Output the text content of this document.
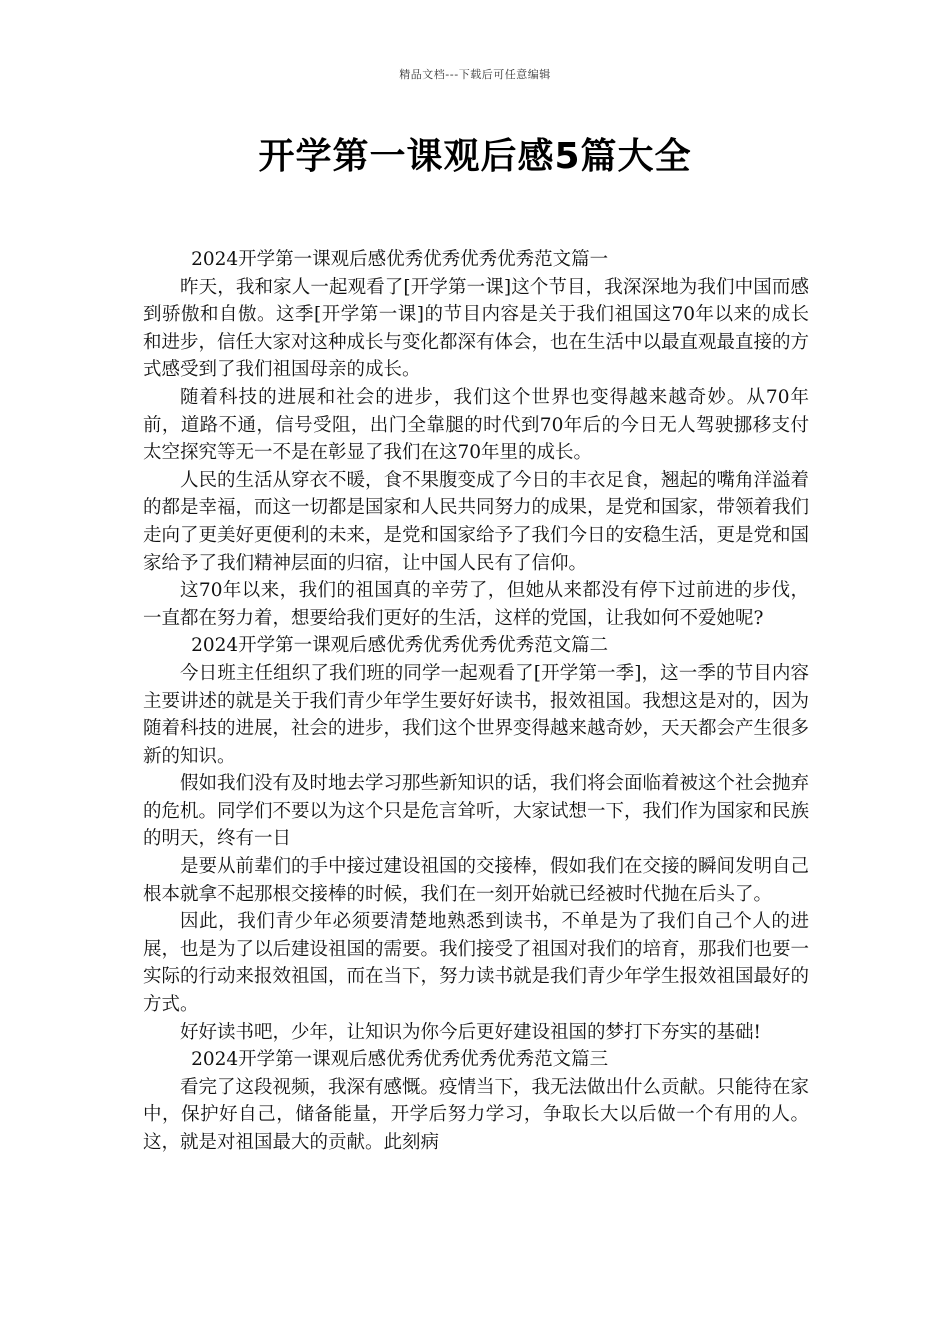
精品文档---下载后可任意编辑
开学第一课观后感5篇大全

2024开学第一课观后感优秀优秀优秀优秀范文篇一

昨天，我和家人一起观看了[开学第一课]这个节目，我深深地为我们中国而感到骄傲和自傲。这季[开学第一课]的节目内容是关于我们祖国这70年以来的成长和进步，信任大家对这种成长与变化都深有体会，也在生活中以最直观最直接的方式感受到了我们祖国母亲的成长。

随着科技的进展和社会的进步，我们这个世界也变得越来越奇妙。从70年前，道路不通，信号受阻，出门全靠腿的时代到70年后的今日无人驾驶挪移支付太空探究等无一不是在彰显了我们在这70年里的成长。

人民的生活从穿衣不暖，食不果腹变成了今日的丰衣足食，翘起的嘴角洋溢着的都是幸福，而这一切都是国家和人民共同努力的成果，是党和国家，带领着我们走向了更美好更便利的未来，是党和国家给予了我们今日的安稳生活，更是党和国家给予了我们精神层面的归宿，让中国人民有了信仰。

这70年以来，我们的祖国真的辛劳了，但她从来都没有停下过前进的步伐，一直都在努力着，想要给我们更好的生活，这样的党国，让我如何不爱她呢?

2024开学第一课观后感优秀优秀优秀优秀范文篇二

今日班主任组织了我们班的同学一起观看了[开学第一季]，这一季的节目内容主要讲述的就是关于我们青少年学生要好好读书，报效祖国。我想这是对的，因为随着科技的进展，社会的进步，我们这个世界变得越来越奇妙，天天都会产生很多新的知识。

假如我们没有及时地去学习那些新知识的话，我们将会面临着被这个社会抛弃的危机。同学们不要以为这个只是危言耸听，大家试想一下，我们作为国家和民族的明天，终有一日

是要从前辈们的手中接过建设祖国的交接棒，假如我们在交接的瞬间发明自己根本就拿不起那根交接棒的时候，我们在一刻开始就已经被时代抛在后头了。

因此，我们青少年必须要清楚地熟悉到读书，不单是为了我们自己个人的进展，也是为了以后建设祖国的需要。我们接受了祖国对我们的培育，那我们也要一实际的行动来报效祖国，而在当下，努力读书就是我们青少年学生报效祖国最好的方式。

好好读书吧，少年，让知识为你今后更好建设祖国的梦打下夯实的基础!

2024开学第一课观后感优秀优秀优秀优秀范文篇三

看完了这段视频，我深有感慨。疫情当下，我无法做出什么贡献。只能待在家中，保护好自己，储备能量，开学后努力学习，争取长大以后做一个有用的人。这，就是对祖国最大的贡献。此刻病
